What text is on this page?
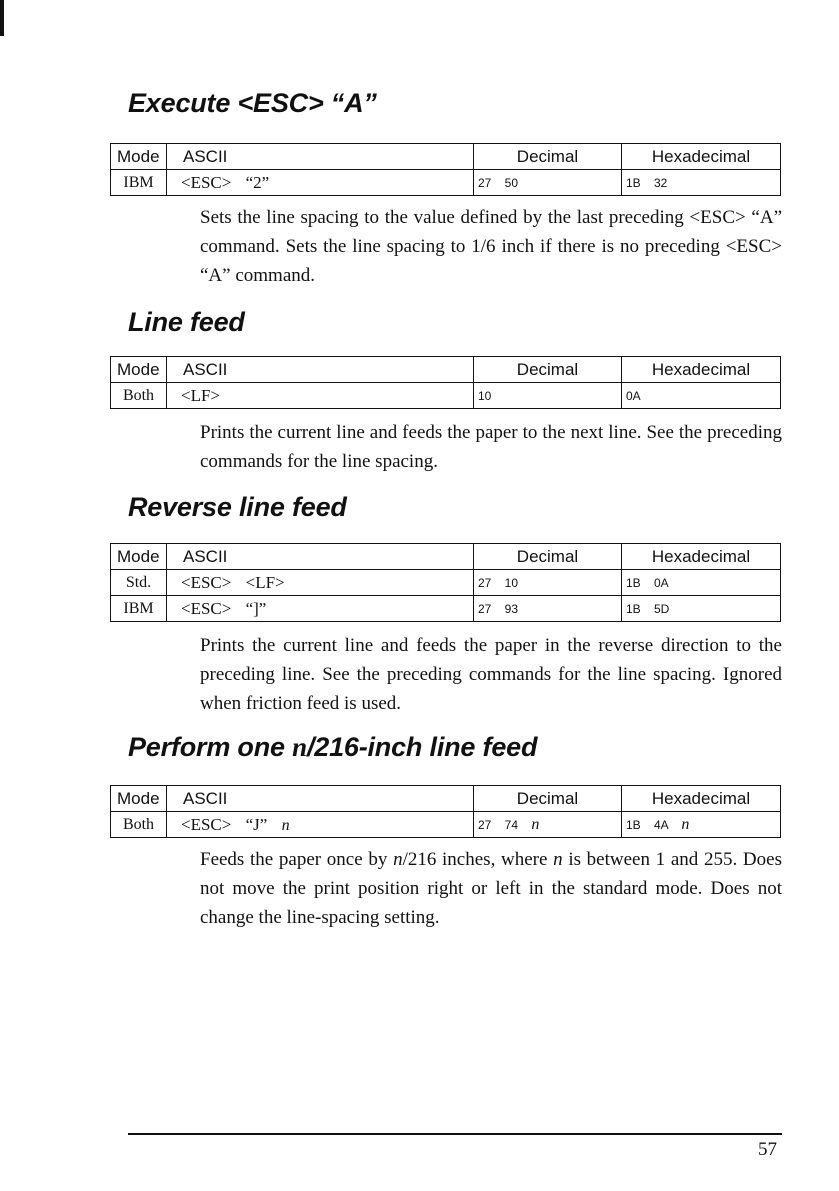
Execute <ESC> “A”
Mode	ASCII	Decimal	Hexadecimal
IBM	<ESC> “2”	27 50	1B 32

Sets the line spacing to the value defined by the last preceding <ESC> “A” command. Sets the line spacing to 1/6 inch if there is no preceding <ESC> “A” command.

Line feed
Mode	ASCII	Decimal	Hexadecimal
Both	<LF>	10	0A

Prints the current line and feeds the paper to the next line. See the preceding commands for the line spacing.

Reverse line feed
Mode	ASCII	Decimal	Hexadecimal
Std.	<ESC> <LF>	27 10	1B 0A
IBM	<ESC> “]”	27 93	1B 5D

Prints the current line and feeds the paper in the reverse direction to the preceding line. See the preceding commands for the line spacing. Ignored when friction feed is used.

Perform one n/216-inch line feed
Mode	ASCII	Decimal	Hexadecimal
Both	<ESC> “J” n	27 74 n	1B 4A n

Feeds the paper once by n/216 inches, where n is between 1 and 255. Does not move the print position right or left in the standard mode. Does not change the line-spacing setting.

57
